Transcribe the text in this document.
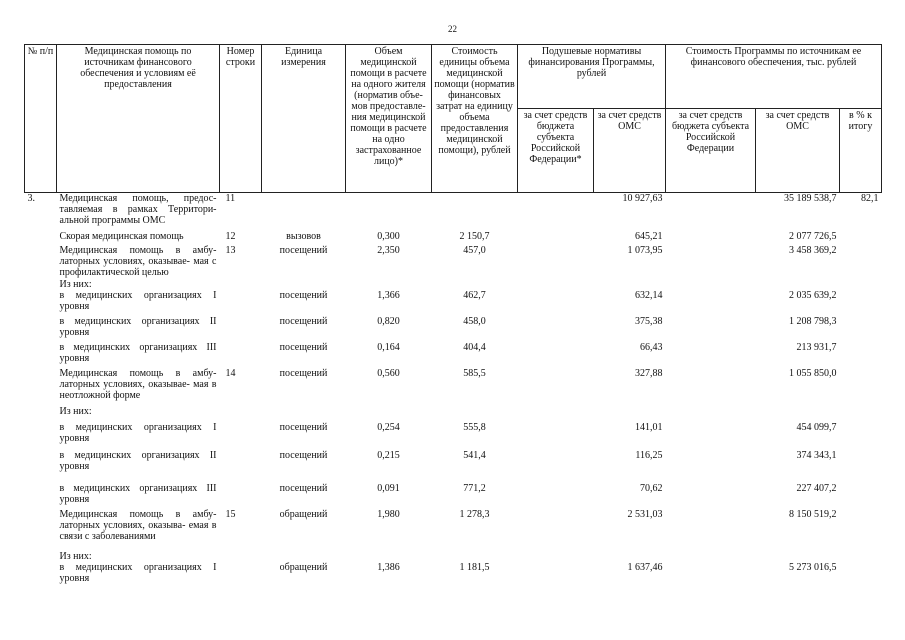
22
№ п/п	Медицинская помощь по источникам финансового обеспечения и условиям её предоставления	Номер строки	Единица измерения	Объем медицинской помощи в расчете на одного жителя (норматив объе- мов предоставле- ния медицинской помощи в расчете на одно застрахованное лицо)*	Стоимость единицы объема медицинской помощи (норматив финансовых затрат на единицу объема предоставления медицинской помощи), рублей	Подушевые нормативы финансирования Программы, рублей		Стоимость Программы по источникам ее финансового обеспечения, тыс. рублей		
						за счет средств бюджета субъекта Российской Федерации*	за счет средств ОМС	за счет средств бюджета субъекта Российской Федерации	за счет средств ОМС	в % к итогу
3.	Медицинская помощь, предос- тавляемая в рамках Территори- альной программы ОМС	11					10 927,63		35 189 538,7	82,1
	Скорая медицинская помощь	12	вызовов	0,300	2 150,7		645,21		2 077 726,5	
	Медицинская помощь в амбу- латорных условиях, оказывае- мая с профилактической целью	13	посещений	2,350	457,0		1 073,95		3 458 369,2	
	Из них:									
	в медицинских организациях I уровня		посещений	1,366	462,7		632,14		2 035 639,2	
	в медицинских организациях II уровня		посещений	0,820	458,0		375,38		1 208 798,3	
	в медицинских организациях III уровня		посещений	0,164	404,4		66,43		213 931,7	
	Медицинская помощь в амбу- латорных условиях, оказывае- мая в неотложной форме	14	посещений	0,560	585,5		327,88		1 055 850,0	
	Из них:									
	в медицинских организациях I уровня		посещений	0,254	555,8		141,01		454 099,7	
	в медицинских организациях II уровня		посещений	0,215	541,4		116,25		374 343,1	
	в медицинских организациях III уровня		посещений	0,091	771,2		70,62		227 407,2	
	Медицинская помощь в амбу- латорных условиях, оказыва- емая в связи с заболеваниями	15	обращений	1,980	1 278,3		2 531,03		8 150 519,2	
	Из них:									
	в медицинских организациях I уровня		обращений	1,386	1 181,5		1 637,46		5 273 016,5	
